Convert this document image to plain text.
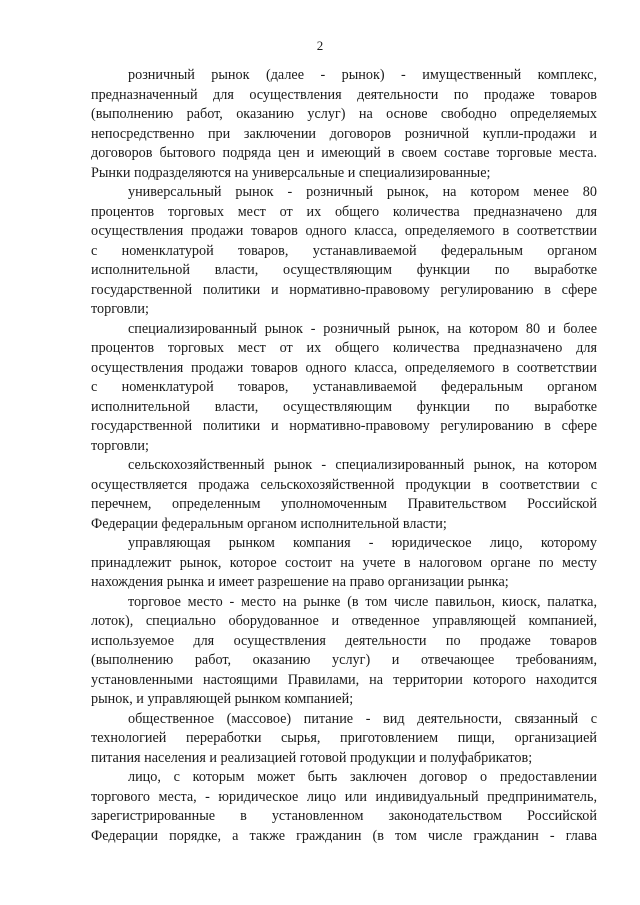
2
розничный рынок (далее - рынок) - имущественный комплекс,
предназначенный для осуществления деятельности по продаже товаров
(выполнению работ, оказанию услуг) на основе свободно определяемых
непосредственно при заключении договоров розничной купли-продажи и
договоров бытового подряда цен и имеющий в своем составе торговые места.
Рынки подразделяются на универсальные и специализированные;
универсальный рынок - розничный рынок, на котором менее 80
процентов торговых мест от их общего количества предназначено для
осуществления продажи товаров одного класса, определяемого в соответствии
с номенклатурой товаров, устанавливаемой федеральным органом
исполнительной власти, осуществляющим функции по выработке
государственной политики и нормативно-правовому регулированию в сфере
торговли;
специализированный рынок - розничный рынок, на котором 80 и более
процентов торговых мест от их общего количества предназначено для
осуществления продажи товаров одного класса, определяемого в соответствии
с номенклатурой товаров, устанавливаемой федеральным органом
исполнительной власти, осуществляющим функции по выработке
государственной политики и нормативно-правовому регулированию в сфере
торговли;
сельскохозяйственный рынок - специализированный рынок, на котором
осуществляется продажа сельскохозяйственной продукции в соответствии с
перечнем, определенным уполномоченным Правительством Российской
Федерации федеральным органом исполнительной власти;
управляющая рынком компания - юридическое лицо, которому
принадлежит рынок, которое состоит на учете в налоговом органе по месту
нахождения рынка и имеет разрешение на право организации рынка;
торговое место - место на рынке (в том числе павильон, киоск, палатка,
лоток), специально оборудованное и отведенное управляющей компанией,
используемое для осуществления деятельности по продаже товаров
(выполнению работ, оказанию услуг) и отвечающее требованиям,
установленными настоящими Правилами, на территории которого находится
рынок, и управляющей рынком компанией;
общественное (массовое) питание - вид деятельности, связанный с
технологией переработки сырья, приготовлением пищи, организацией
питания населения и реализацией готовой продукции и полуфабрикатов;
лицо, с которым может быть заключен договор о предоставлении
торгового места, - юридическое лицо или индивидуальный предприниматель,
зарегистрированные в установленном законодательством Российской
Федерации порядке, а также гражданин (в том числе гражданин - глава
